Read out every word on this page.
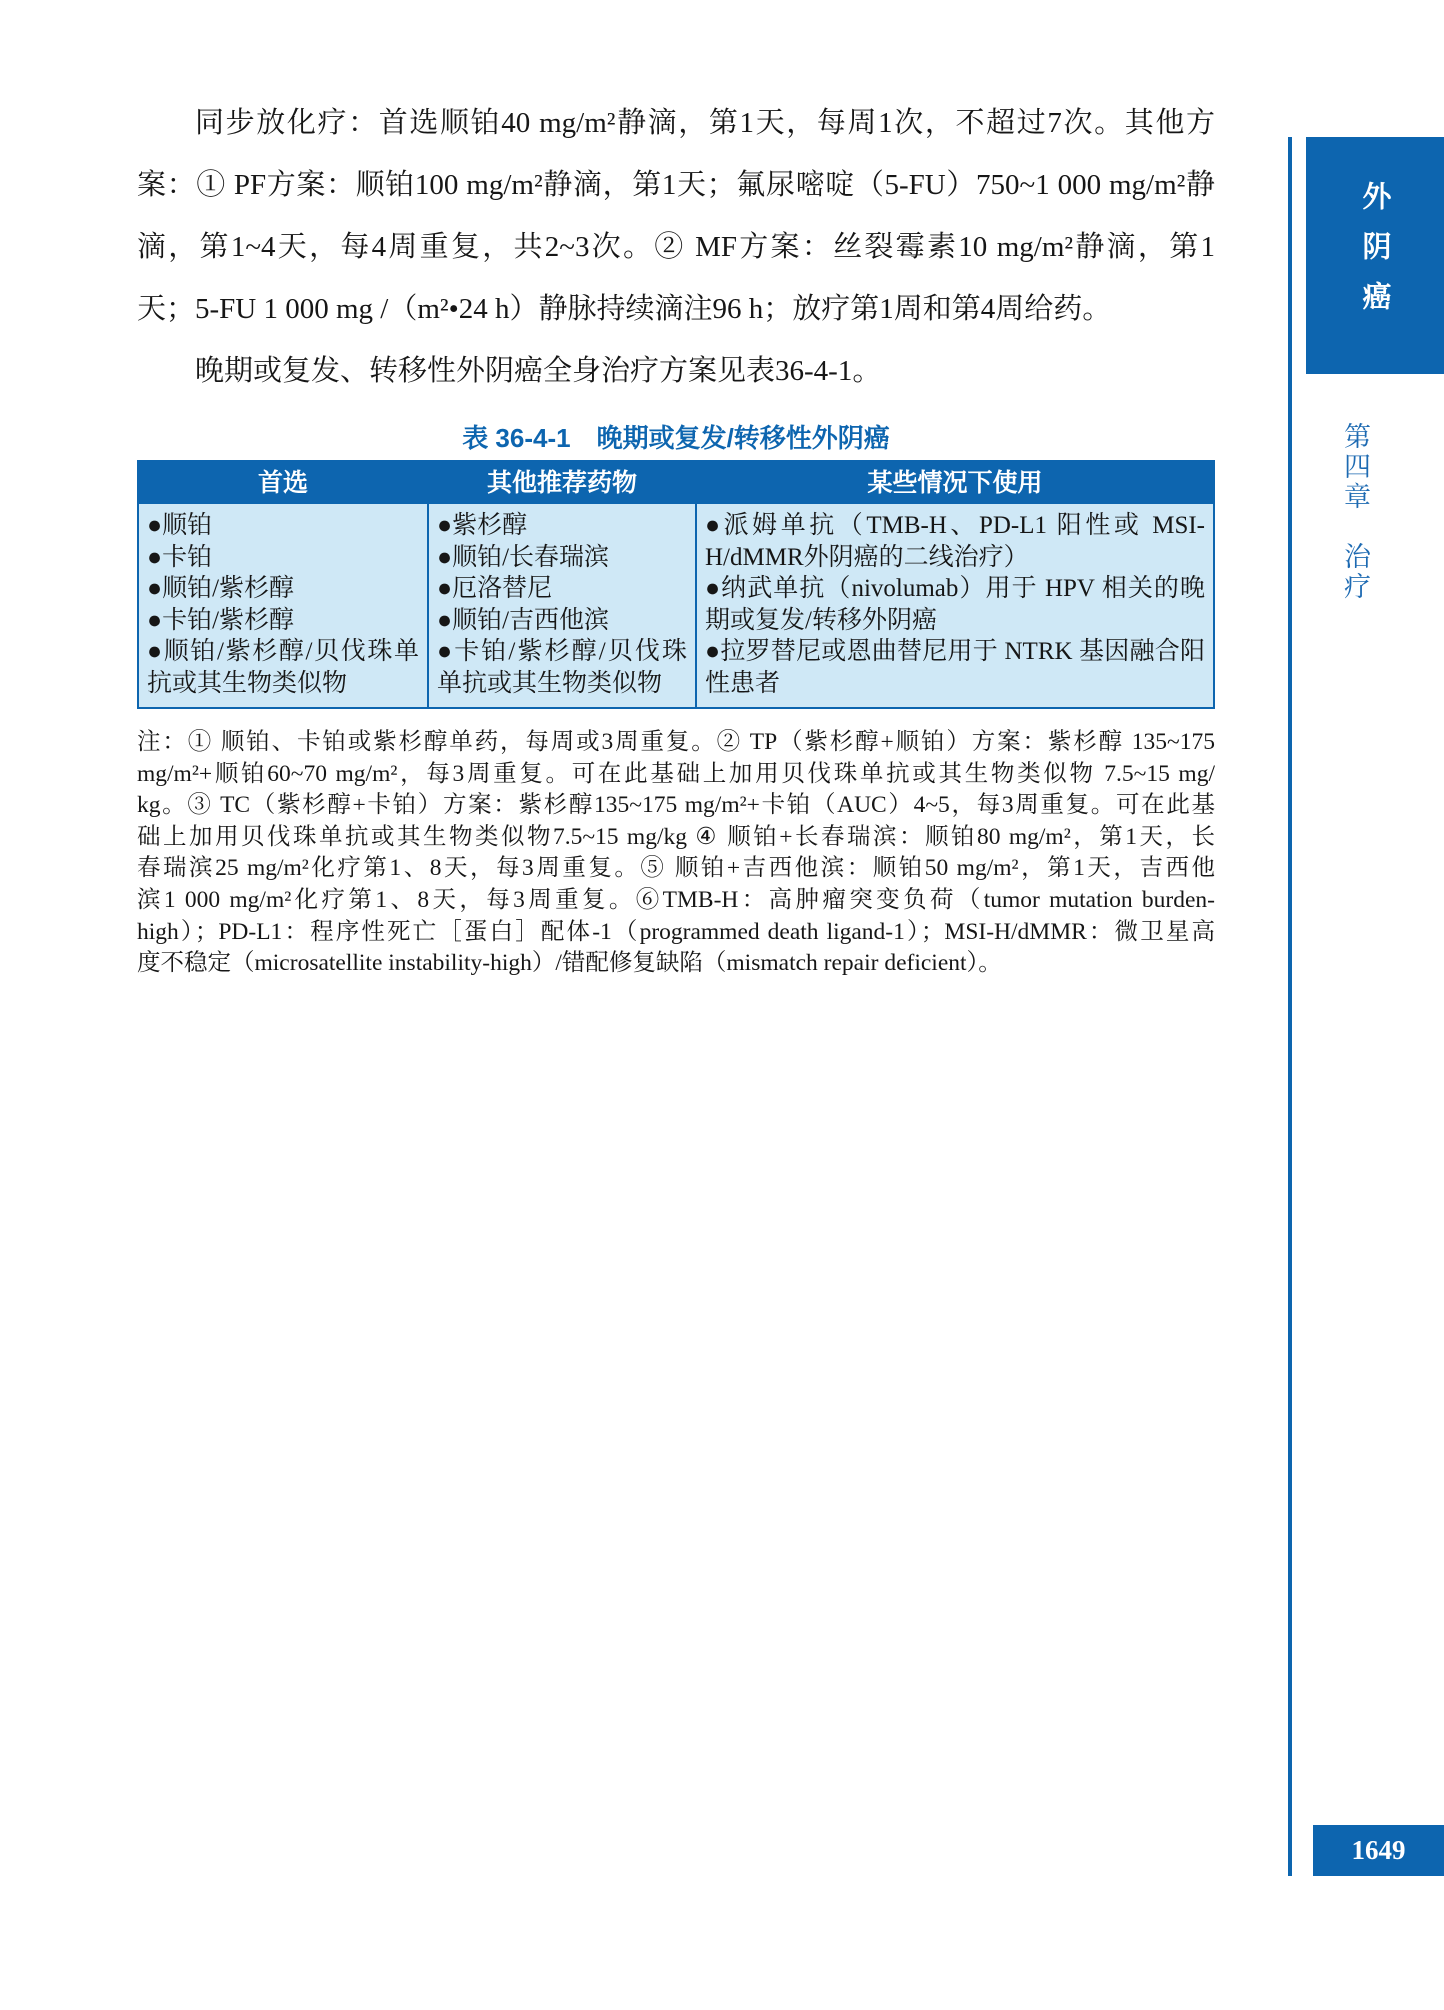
同步放化疗：首选顺铂40 mg/m²静滴，第1天，每周1次，不超过7次。其他方
案：① PF方案：顺铂100 mg/m²静滴，第1天；氟尿嘧啶（5-FU）750~1 000 mg/m²静
滴，第1~4天，每4周重复，共2~3次。② MF方案：丝裂霉素10 mg/m²静滴，第1
天；5-FU 1 000 mg /（m²•24 h）静脉持续滴注96 h；放疗第1周和第4周给药。
晚期或复发、转移性外阴癌全身治疗方案见表36-4-1。
表 36-4-1　晚期或复发/转移性外阴癌
首选	其他推荐药物	某些情况下使用
●顺铂
●卡铂
●顺铂/紫杉醇
●卡铂/紫杉醇
●顺铂/紫杉醇/贝伐珠单抗或其生物类似物
●紫杉醇
●顺铂/长春瑞滨
●厄洛替尼
●顺铂/吉西他滨
●卡铂/紫杉醇/贝伐珠单抗或其生物类似物
●派姆单抗（TMB-H、PD-L1 阳性或 MSI-H/dMMR外阴癌的二线治疗）
●纳武单抗（nivolumab）用于 HPV 相关的晚期或复发/转移外阴癌
●拉罗替尼或恩曲替尼用于 NTRK 基因融合阳性患者
注：① 顺铂、卡铂或紫杉醇单药，每周或3周重复。② TP（紫杉醇+顺铂）方案：紫杉醇 135~175
mg/m²+顺铂60~70 mg/m²，每3周重复。可在此基础上加用贝伐珠单抗或其生物类似物 7.5~15 mg/
kg。③ TC（紫杉醇+卡铂）方案：紫杉醇135~175 mg/m²+卡铂（AUC）4~5，每3周重复。可在此基
础上加用贝伐珠单抗或其生物类似物7.5~15 mg/kg ④ 顺铂+长春瑞滨：顺铂80 mg/m²，第1天，长
春瑞滨25 mg/m²化疗第1、8天，每3周重复。⑤ 顺铂+吉西他滨：顺铂50 mg/m²，第1天，吉西他
滨1 000 mg/m²化疗第1、8天，每3周重复。⑥TMB-H：高肿瘤突变负荷（tumor mutation burden-
high）；PD-L1：程序性死亡［蛋白］配体-1（programmed death ligand-1）；MSI-H/dMMR：微卫星高
度不稳定（microsatellite instability-high）/错配修复缺陷（mismatch repair deficient）。
外阴癌
第四章　治疗
1649
